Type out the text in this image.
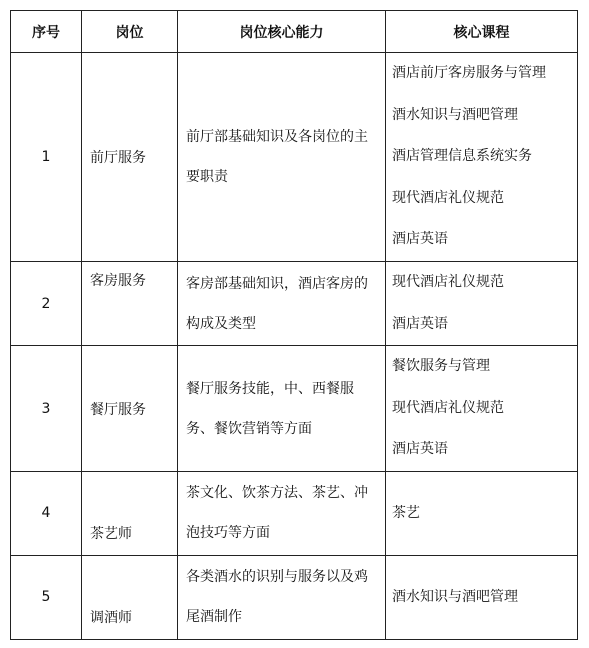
序号	岗位	岗位核心能力	核心课程
1	前厅服务	前厅部基础知识及各岗位的主要职责	酒店前厅客房服务与管理
酒水知识与酒吧管理
酒店管理信息系统实务
现代酒店礼仪规范
酒店英语

2	客房服务	客房部基础知识，酒店客房的构成及类型	现代酒店礼仪规范
酒店英语

3	餐厅服务	餐厅服务技能，中、西餐服务、餐饮营销等方面	餐饮服务与管理
现代酒店礼仪规范
酒店英语

4	茶艺师	茶文化、饮茶方法、茶艺、冲泡技巧等方面	茶艺

5	调酒师	各类酒水的识别与服务以及鸡尾酒制作	酒水知识与酒吧管理
